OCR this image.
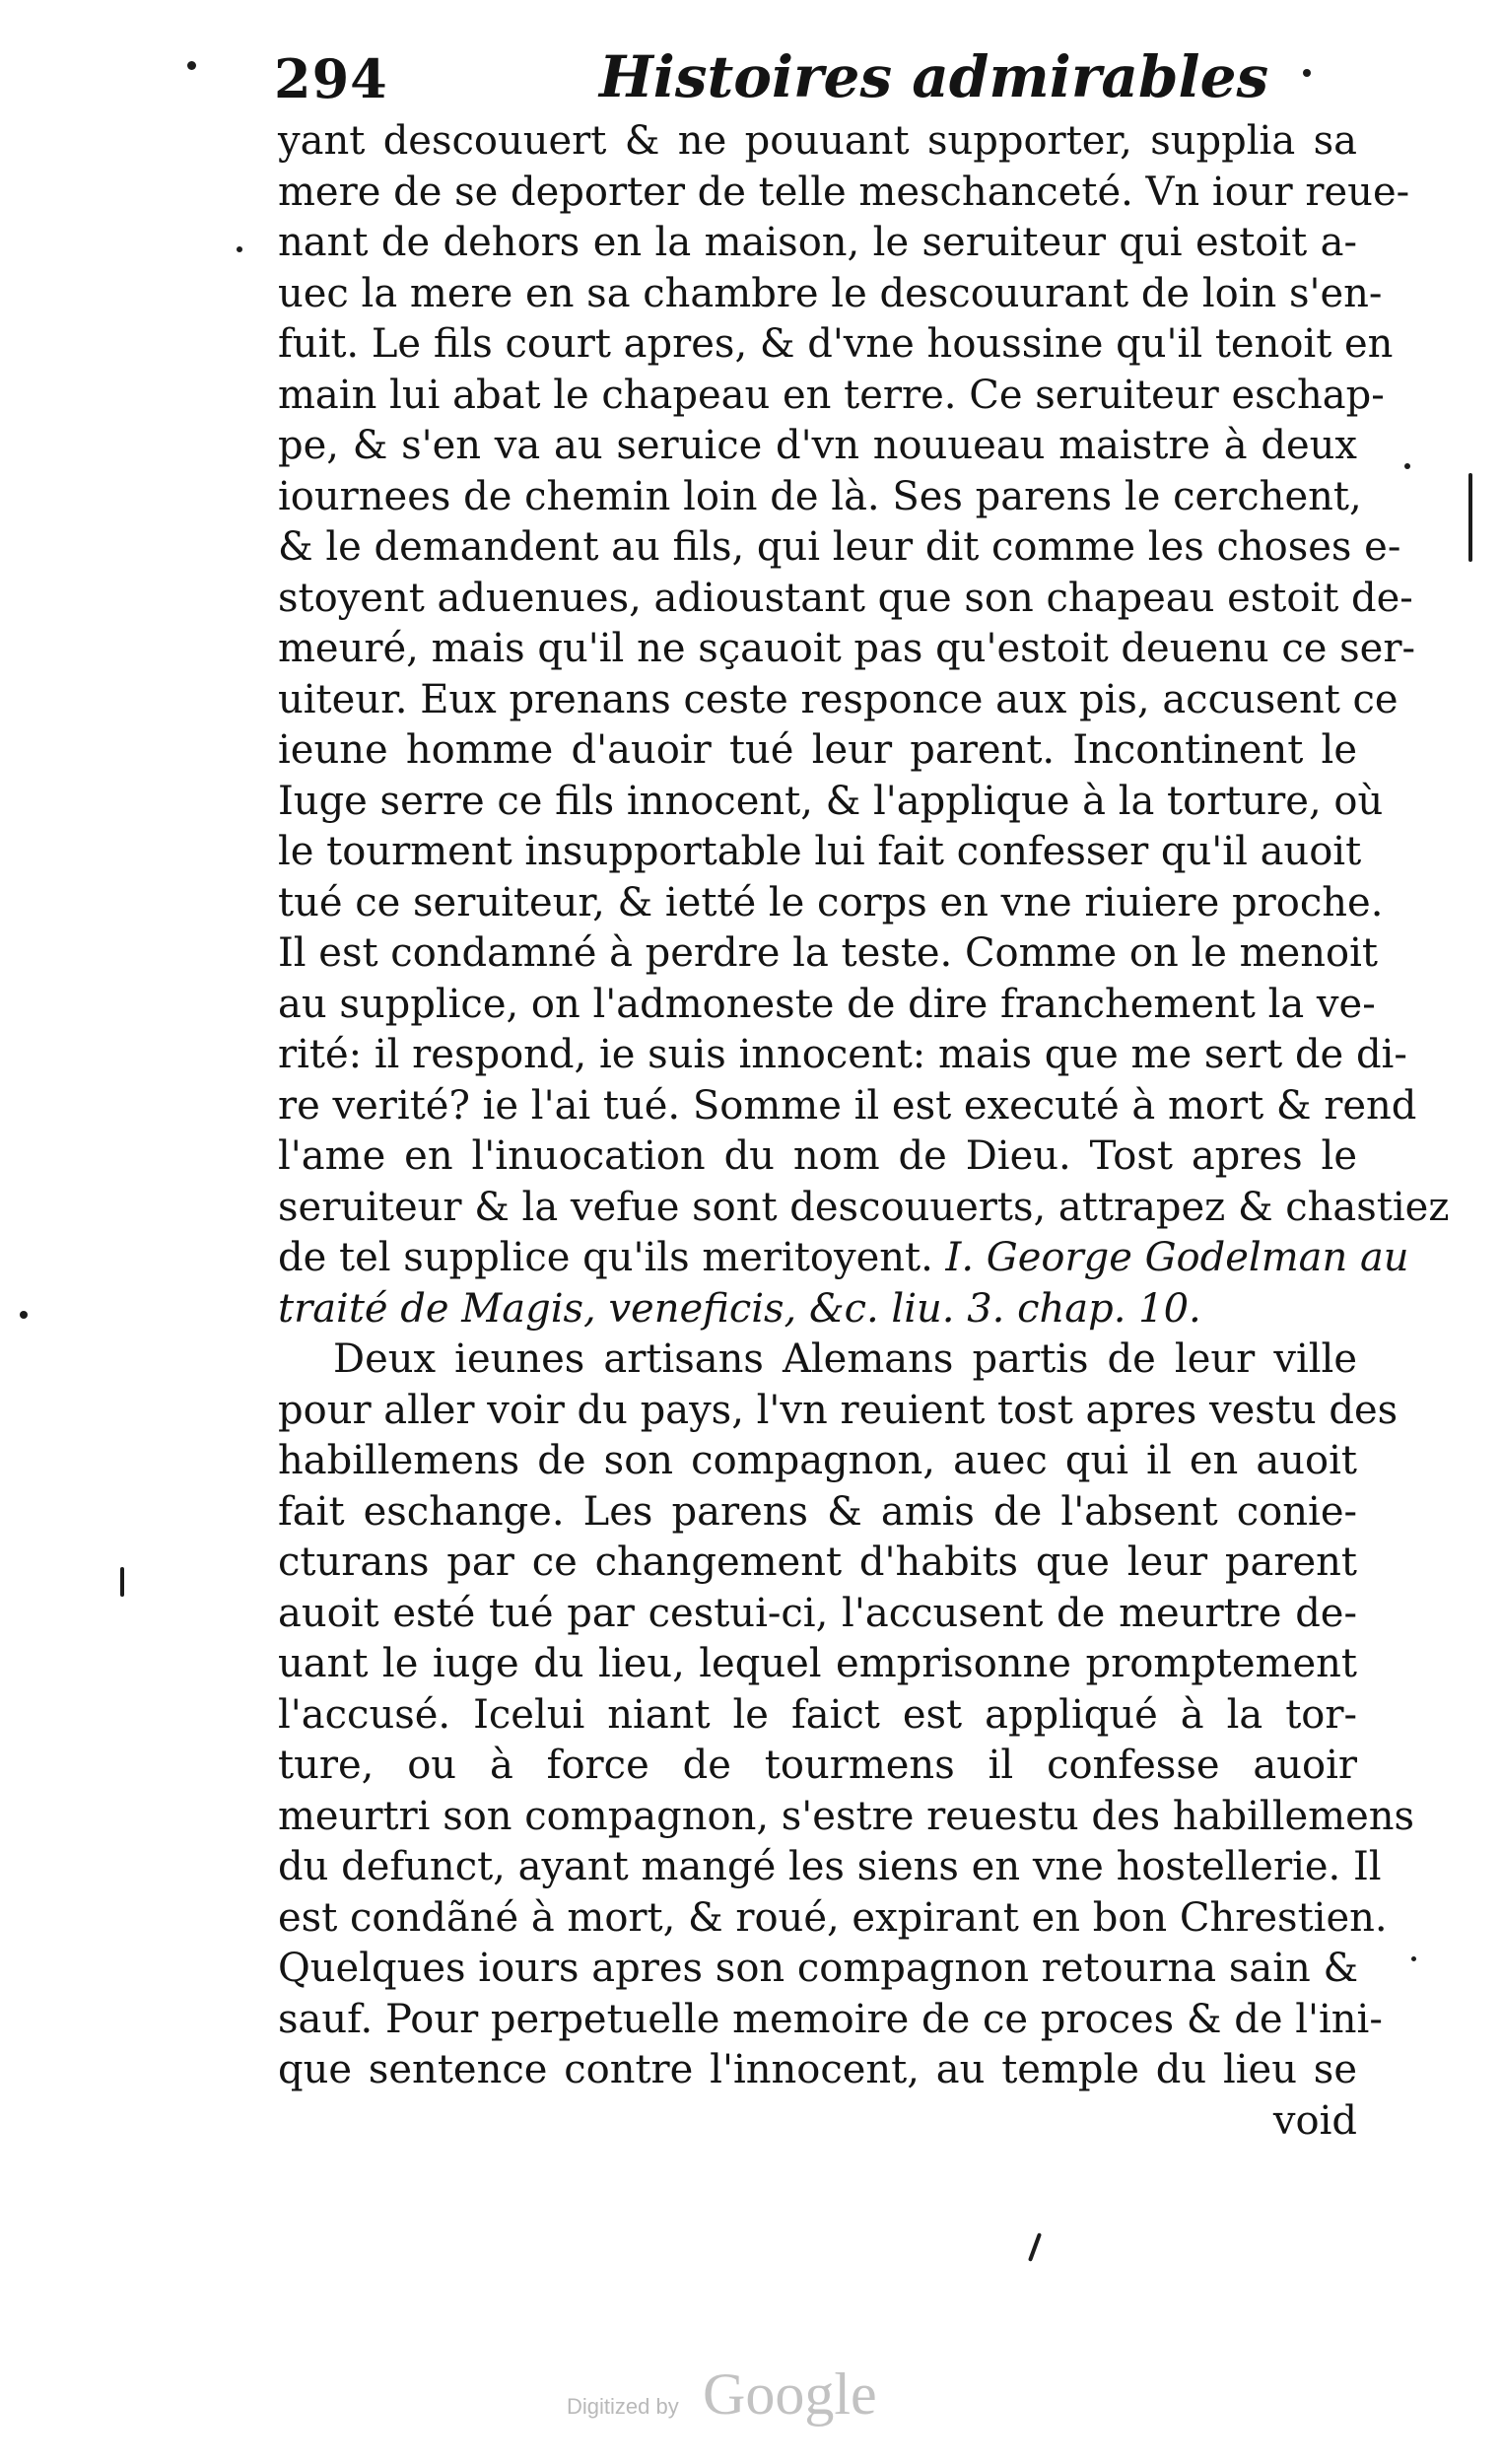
294	Histoires admirables
yant descouuert & ne pouuant supporter, supplia sa
mere de se deporter de telle meschanceté. Vn iour reue-
nant de dehors en la maison, le seruiteur qui estoit a-
uec la mere en sa chambre le descouurant de loin s'en-
fuit. Le fils court apres, & d'vne houssine qu'il tenoit en
main lui abat le chapeau en terre. Ce seruiteur eschap-
pe, & s'en va au seruice d'vn nouueau maistre à deux
iournees de chemin loin de là. Ses parens le cerchent,
& le demandent au fils, qui leur dit comme les choses e-
stoyent aduenues, adioustant que son chapeau estoit de-
meuré, mais qu'il ne sçauoit pas qu'estoit deuenu ce ser-
uiteur. Eux prenans ceste responce aux pis, accusent ce
ieune homme d'auoir tué leur parent. Incontinent le
Iuge serre ce fils innocent, & l'applique à la torture, où
le tourment insupportable lui fait confesser qu'il auoit
tué ce seruiteur, & ietté le corps en vne riuiere proche.
Il est condamné à perdre la teste. Comme on le menoit
au supplice, on l'admoneste de dire franchement la ve-
rité: il respond, ie suis innocent: mais que me sert de di-
re verité? ie l'ai tué. Somme il est executé à mort & rend
l'ame en l'inuocation du nom de Dieu. Tost apres le
seruiteur & la vefue sont descouuerts, attrapez & chastiez
de tel supplice qu'ils meritoyent. I. George Godelman au
traité de Magis, veneficis, &c. liu. 3. chap. 10.
Deux ieunes artisans Alemans partis de leur ville
pour aller voir du pays, l'vn reuient tost apres vestu des
habillemens de son compagnon, auec qui il en auoit
fait eschange. Les parens & amis de l'absent conie-
cturans par ce changement d'habits que leur parent
auoit esté tué par cestui-ci, l'accusent de meurtre de-
uant le iuge du lieu, lequel emprisonne promptement
l'accusé. Icelui niant le faict est appliqué à la tor-
ture, ou à force de tourmens il confesse auoir
meurtri son compagnon, s'estre reuestu des habillemens
du defunct, ayant mangé les siens en vne hostellerie. Il
est condãné à mort, & roué, expirant en bon Chrestien.
Quelques iours apres son compagnon retourna sain &
sauf. Pour perpetuelle memoire de ce proces & de l'ini-
que sentence contre l'innocent, au temple du lieu se
void
Digitized by Google
